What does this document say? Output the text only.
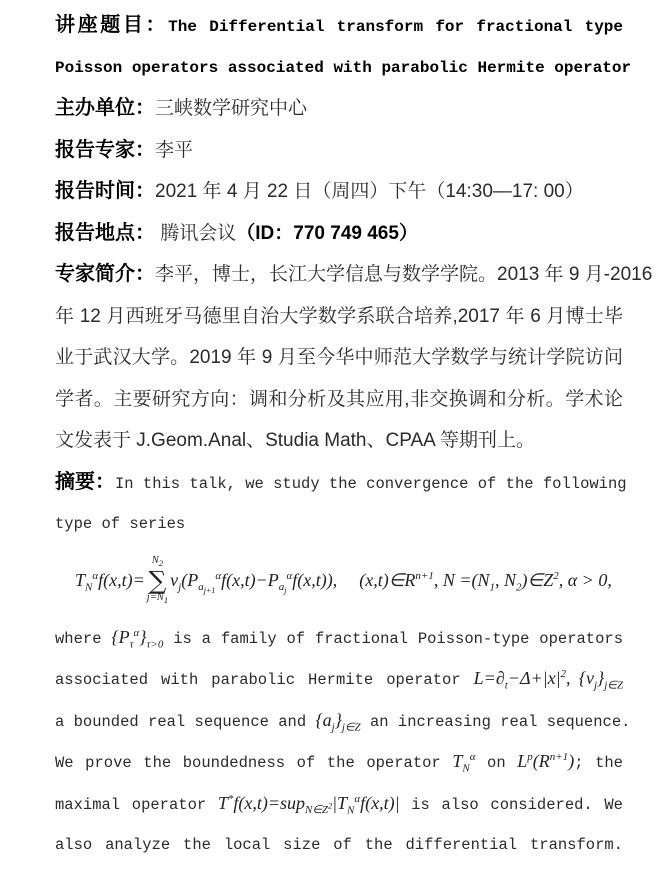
讲座题目：The Differential transform for fractional type
Poisson operators associated with parabolic Hermite operator
主办单位：三峡数学研究中心
报告专家：李平
报告时间：2021 年 4 月 22 日（周四）下午（14:30—17: 00）
报告地点： 腾讯会议（ID：770 749 465）
专家简介：李平，博士，长江大学信息与数学学院。2013 年 9 月-2016
年 12 月西班牙马德里自治大学数学系联合培养,2017 年 6 月博士毕
业于武汉大学。2019 年 9 月至今华中师范大学数学与统计学院访问
学者。主要研究方向：调和分析及其应用,非交换调和分析。学术论
文发表于 J.Geom.Anal、Studia Math、CPAA 等期刊上。
摘要：In this talk, we study the convergence of the following
type of series
$T_N^\alpha f(x,t)=$
$N_2$
∑
$j=N_1$
$v_j(P_{a_{j+1}}^\alpha f(x,t)-P_{a_j}^\alpha f(x,t))$, $(x,t)\in R^{n+1}$, $N =(N_1$, $N_2)\in Z^2$, α > 0,
where $\{P_\tau^\alpha\}_{\tau>0}$ is a family of fractional Poisson-type operators
associated with parabolic Hermite operator $L=\partial_t-\Delta+|x|^2$, $\{v_j\}_{j\in Z}$
a bounded real sequence and $\{a_j\}_{j\in Z}$ an increasing real sequence.
We prove the boundedness of the operator $T_N^\alpha$ on $L^p(R^{n+1})$; the
maximal operator $T^*f(x,t)=sup_{N\in Z^2}|T_N^\alpha f(x,t)|$ is also considered. We
also analyze the local size of the differential transform.
